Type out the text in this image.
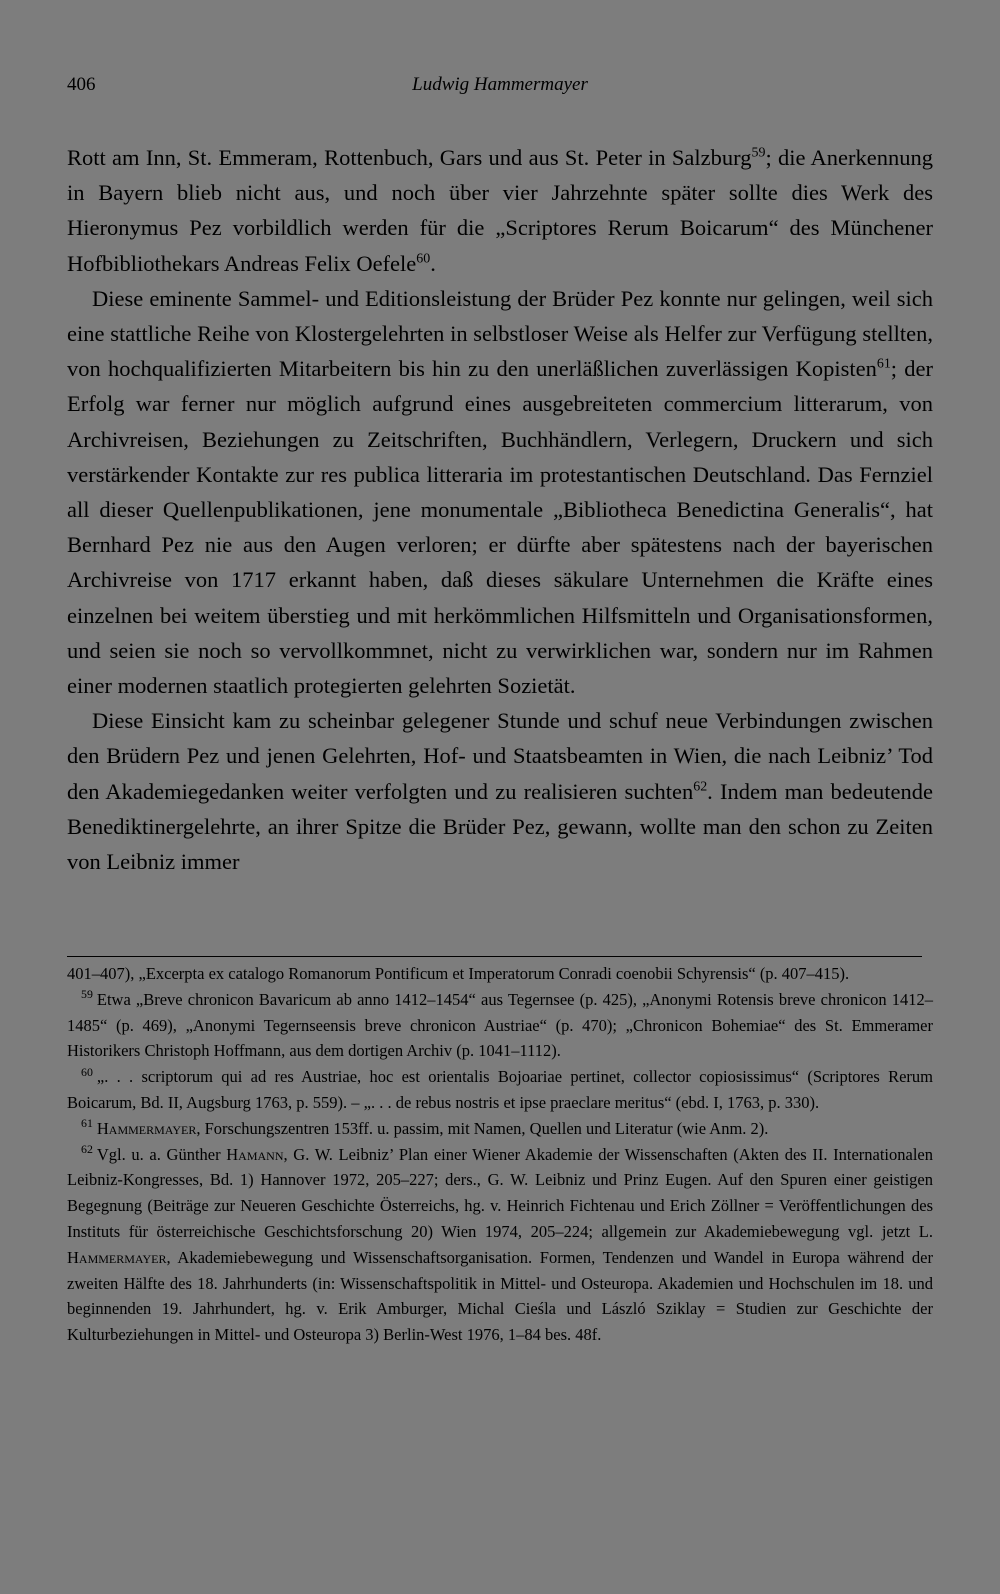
406	Ludwig Hammermayer

Rott am Inn, St. Emmeram, Rottenbuch, Gars und aus St. Peter in Salzburg$^{59}$; die Anerkennung in Bayern blieb nicht aus, und noch über vier Jahrzehnte später sollte dies Werk des Hieronymus Pez vorbildlich werden für die „Scriptores Rerum Boicarum“ des Münchener Hofbibliothekars Andreas Felix Oefele$^{60}$.

Diese eminente Sammel- und Editionsleistung der Brüder Pez konnte nur gelingen, weil sich eine stattliche Reihe von Klostergelehrten in selbstloser Weise als Helfer zur Verfügung stellten, von hochqualifizierten Mitarbeitern bis hin zu den unerläßlichen zuverlässigen Kopisten$^{61}$; der Erfolg war ferner nur möglich aufgrund eines ausgebreiteten commercium litterarum, von Archivreisen, Beziehungen zu Zeitschriften, Buchhändlern, Verlegern, Druckern und sich verstärkender Kontakte zur res publica litteraria im protestantischen Deutschland. Das Fernziel all dieser Quellenpublikationen, jene monumentale „Bibliotheca Benedictina Generalis“, hat Bernhard Pez nie aus den Augen verloren; er dürfte aber spätestens nach der bayerischen Archivreise von 1717 erkannt haben, daß dieses säkulare Unternehmen die Kräfte eines einzelnen bei weitem überstieg und mit herkömmlichen Hilfsmitteln und Organisationsformen, und seien sie noch so vervollkommnet, nicht zu verwirklichen war, sondern nur im Rahmen einer modernen staatlich protegierten gelehrten Sozietät.

Diese Einsicht kam zu scheinbar gelegener Stunde und schuf neue Verbindungen zwischen den Brüdern Pez und jenen Gelehrten, Hof- und Staatsbeamten in Wien, die nach Leibniz’ Tod den Akademiegedanken weiter verfolgten und zu realisieren suchten$^{62}$. Indem man bedeutende Benediktinergelehrte, an ihrer Spitze die Brüder Pez, gewann, wollte man den schon zu Zeiten von Leibniz immer

401–407), „Excerpta ex catalogo Romanorum Pontificum et Imperatorum Conradi coenobii Schyrensis“ (p. 407–415).

$^{59}$ Etwa „Breve chronicon Bavaricum ab anno 1412–1454“ aus Tegernsee (p. 425), „Anonymi Rotensis breve chronicon 1412–1485“ (p. 469), „Anonymi Tegernseensis breve chronicon Austriae“ (p. 470); „Chronicon Bohemiae“ des St. Emmeramer Historikers Christoph Hoffmann, aus dem dortigen Archiv (p. 1041–1112).

$^{60}$ „. . . scriptorum qui ad res Austriae, hoc est orientalis Bojoariae pertinet, collector copiosissimus“ (Scriptores Rerum Boicarum, Bd. II, Augsburg 1763, p. 559). – „. . . de rebus nostris et ipse praeclare meritus“ (ebd. I, 1763, p. 330).

$^{61}$ Hammermayer, Forschungszentren 153ff. u. passim, mit Namen, Quellen und Literatur (wie Anm. 2).

$^{62}$ Vgl. u. a. Günther Hamann, G. W. Leibniz’ Plan einer Wiener Akademie der Wissenschaften (Akten des II. Internationalen Leibniz-Kongresses, Bd. 1) Hannover 1972, 205–227; ders., G. W. Leibniz und Prinz Eugen. Auf den Spuren einer geistigen Begegnung (Beiträge zur Neueren Geschichte Österreichs, hg. v. Heinrich Fichtenau und Erich Zöllner = Veröffentlichungen des Instituts für österreichische Geschichtsforschung 20) Wien 1974, 205–224; allgemein zur Akademiebewegung vgl. jetzt L. Hammermayer, Akademiebewegung und Wissenschaftsorganisation. Formen, Tendenzen und Wandel in Europa während der zweiten Hälfte des 18. Jahrhunderts (in: Wissenschaftspolitik in Mittel- und Osteuropa. Akademien und Hochschulen im 18. und beginnenden 19. Jahrhundert, hg. v. Erik Amburger, Michal Cieśla und László Sziklay = Studien zur Geschichte der Kulturbeziehungen in Mittel- und Osteuropa 3) Berlin-West 1976, 1–84 bes. 48f.
